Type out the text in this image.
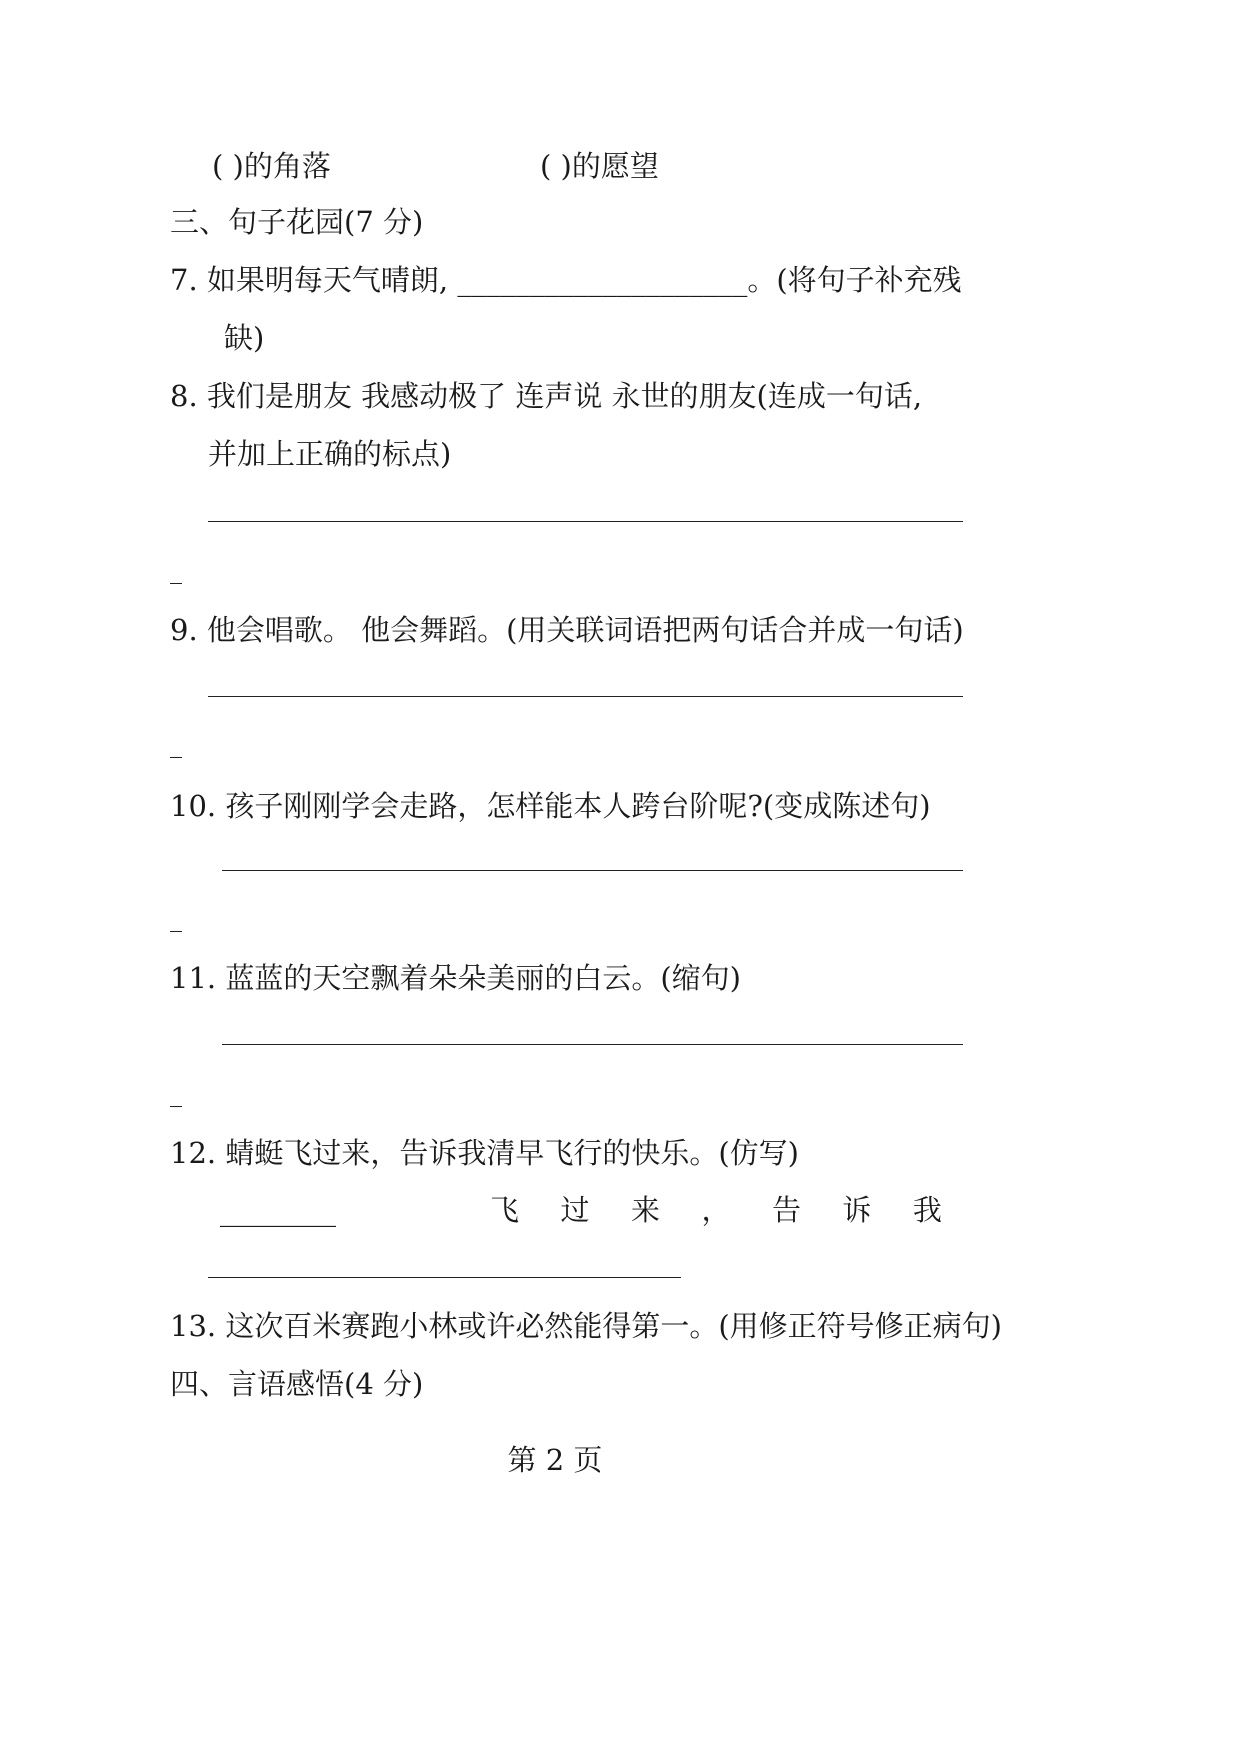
( )的角落	( )的愿望
三、句子花园(7 分)
7. 如果明每天气晴朗, ____________________。(将句子补充残
缺)
8. 我们是朋友 我感动极了 连声说 永世的朋友(连成一句话,
并加上正确的标点)
9. 他会唱歌。 他会舞蹈。(用关联词语把两句话合并成一句话)
10. 孩子刚刚学会走路，怎样能本人跨台阶呢?(变成陈述句)
11. 蓝蓝的天空飘着朵朵美丽的白云。(缩句)
12. 蜻蜓飞过来，告诉我清早飞行的快乐。(仿写)
________	飞 过 来 ， 告 诉 我
13. 这次百米赛跑小林或许必然能得第一。(用修正符号修正病句)
四、言语感悟(4 分)
第 2 页
